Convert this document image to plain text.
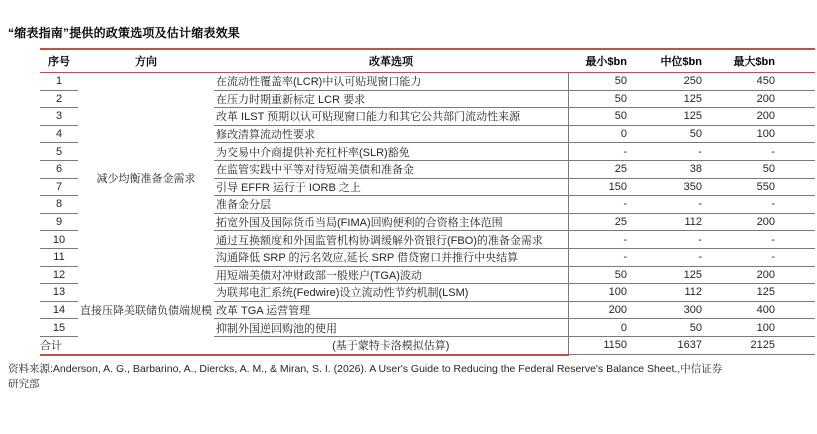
“缩表指南”提供的政策选项及估计缩表效果
序号	方向	改革选项	最小$bn	中位$bn	最大$bn
1	减少均衡准备金需求	在流动性覆盖率(LCR)中认可贴现窗口能力	50	250	450
2		在压力时期重新标定 LCR 要求	50	125	200
3		改革 ILST 预期以认可贴现窗口能力和其它公共部门流动性来源	50	125	200
4		修改清算流动性要求	0	50	100
5		为交易中介商提供补充杠杆率(SLR)豁免	-	-	-
6		在监管实践中平等对待短端美债和准备金	25	38	50
7		引导 EFFR 运行于 IORB 之上	150	350	550
8		准备金分层	-	-	-
9		拓宽外国及国际货币当局(FIMA)回购便利的合资格主体范围	25	112	200
10		通过互换额度和外国监管机构协调缓解外资银行(FBO)的准备金需求	-	-	-
11		沟通降低 SRP 的污名效应,延长 SRP 借贷窗口并推行中央结算	-	-	-
12		用短端美债对冲财政部一般账户(TGA)波动	50	125	200
13	直接压降美联储负债端规模	为联邦电汇系统(Fedwire)设立流动性节约机制(LSM)	100	112	125
14		改革 TGA 运营管理	200	300	400
15		抑制外国逆回购池的使用	0	50	100
合计		(基于蒙特卡洛模拟估算)	1150	1637	2125
资料来源:Anderson, A. G., Barbarino, A., Diercks, A. M., & Miran, S. I. (2026). A User's Guide to Reducing the Federal Reserve's Balance Sheet.,中信证券
研究部
